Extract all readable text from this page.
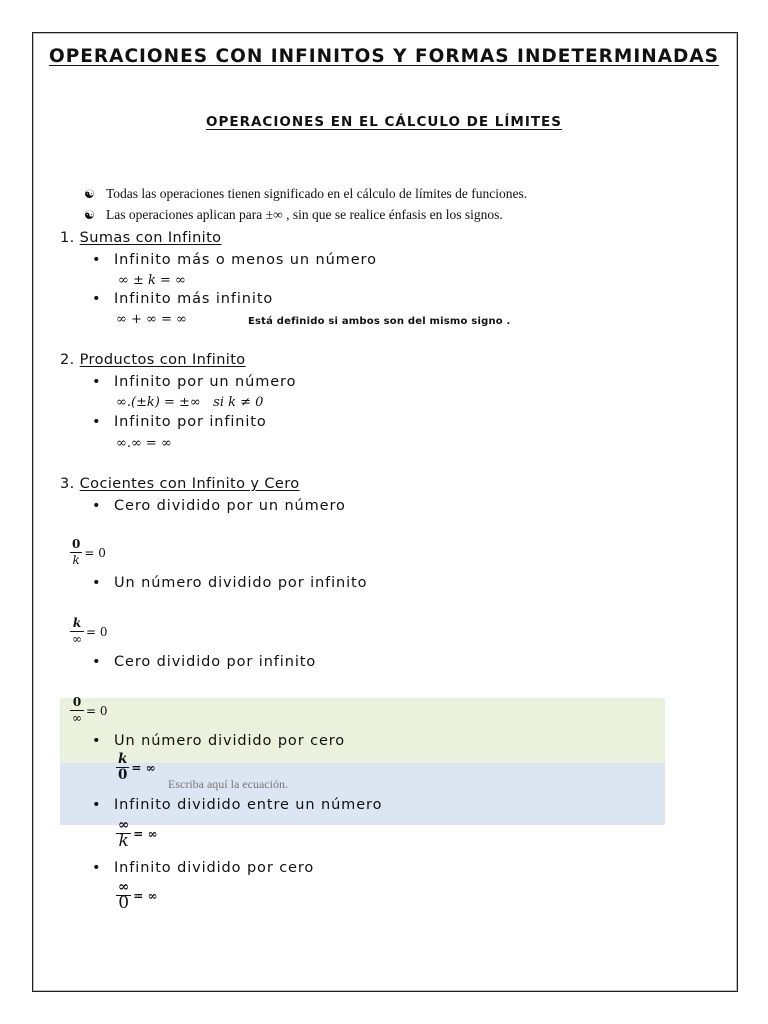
OPERACIONES CON INFINITOS Y FORMAS INDETERMINADAS
OPERACIONES EN EL CÁLCULO DE LÍMITES
☯ Todas las operaciones tienen significado en el cálculo de límites de funciones.
☯ Las operaciones aplican para ±∞ , sin que se realice énfasis en los signos.
1. Sumas con Infinito
• Infinito más o menos un número
∞ ± k = ∞
• Infinito más infinito
∞ + ∞ = ∞	Está definido si ambos son del mismo signo .
2. Productos con Infinito
• Infinito por un número
∞.(±k) = ±∞ si k ≠ 0
• Infinito por infinito
∞.∞ = ∞
3. Cocientes con Infinito y Cero
• Cero dividido por un número
$\frac{0}{k} = 0$
• Un número dividido por infinito
$\frac{k}{\infty} = 0$
• Cero dividido por infinito
$\frac{0}{\infty} = 0$
• Un número dividido por cero
$\frac{k}{0}$ = ∞
Escriba aquí la ecuación.
• Infinito dividido entre un número
$\frac{\infty}{k}$ = ∞
• Infinito dividido por cero
$\frac{\infty}{0}$ = ∞
